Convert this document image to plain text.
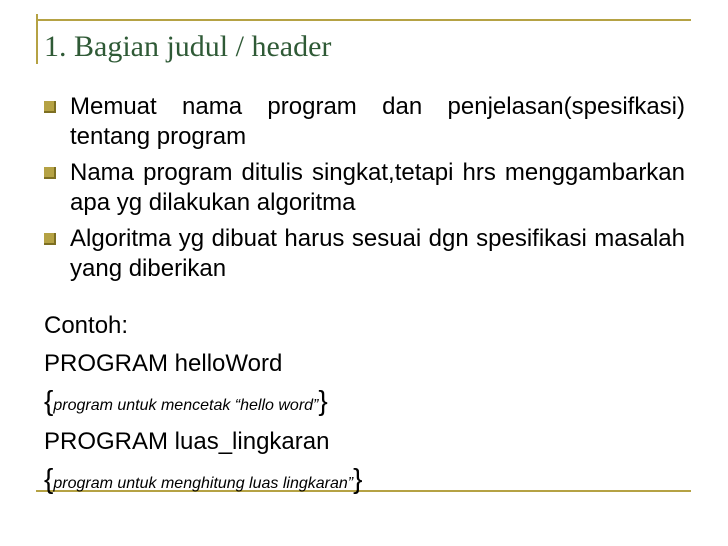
1. Bagian judul / header
Memuat nama program dan penjelasan(spesifkasi) tentang program
Nama program ditulis singkat,tetapi hrs menggambarkan apa yg dilakukan algoritma
Algoritma yg dibuat harus sesuai dgn spesifikasi masalah yang diberikan
Contoh:
PROGRAM helloWord
{program untuk mencetak “hello word”}
PROGRAM luas_lingkaran
{program untuk menghitung luas lingkaran”}
